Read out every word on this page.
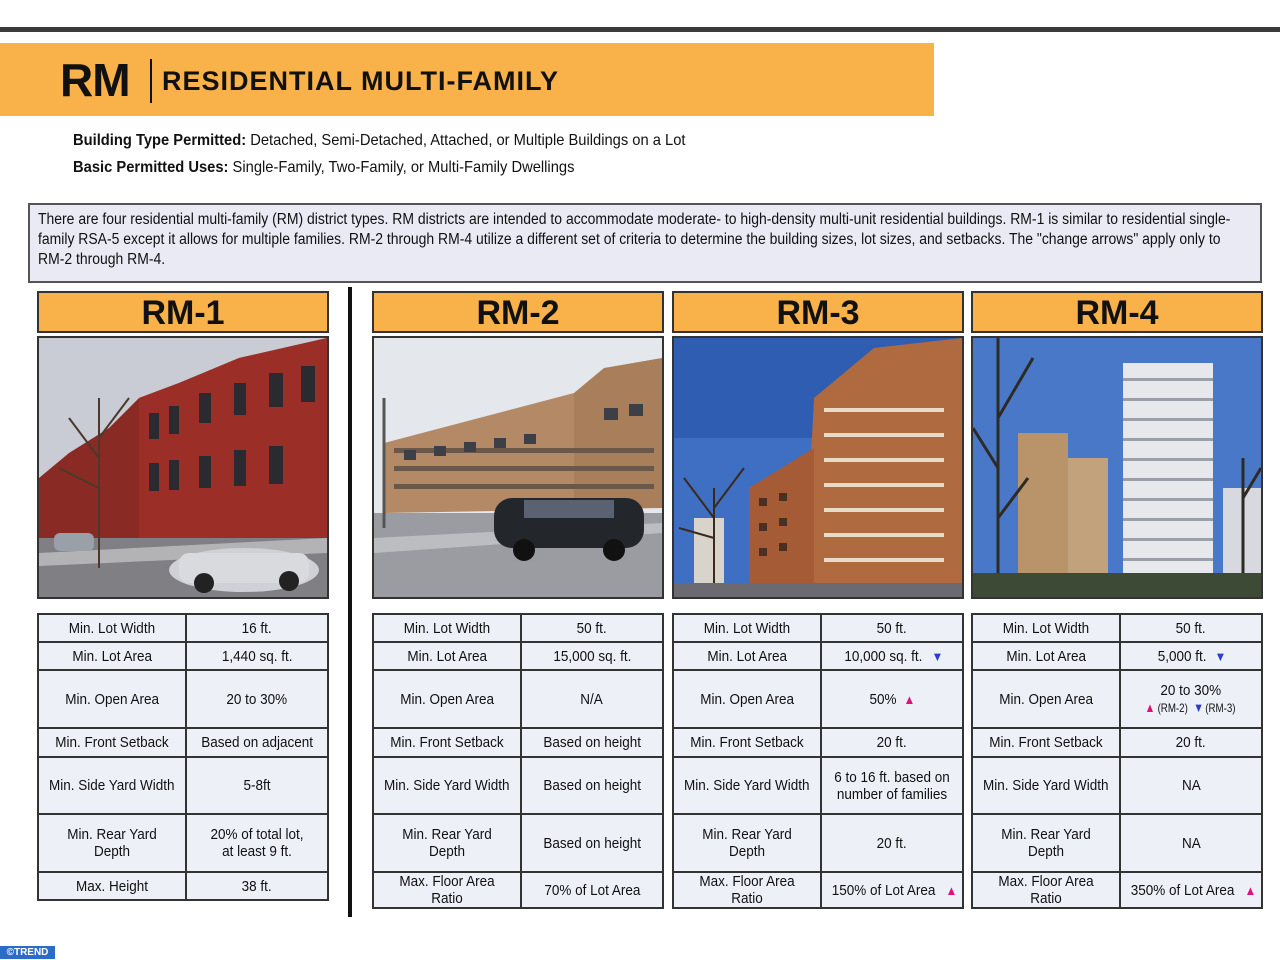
RM RESIDENTIAL MULTI-FAMILY
Building Type Permitted: Detached, Semi-Detached, Attached, or Multiple Buildings on a Lot
Basic Permitted Uses: Single-Family, Two-Family, or Multi-Family Dwellings
There are four residential multi-family (RM) district types. RM districts are intended to accommodate moderate- to high-density multi-unit residential buildings. RM-1 is similar to residential single-family RSA-5 except it allows for multiple families. RM-2 through RM-4 utilize a different set of criteria to determine the building sizes, lot sizes, and setbacks. The "change arrows" apply only to RM-2 through RM-4.
RM-1
Min. Lot Width	16 ft.
Min. Lot Area	1,440 sq. ft.
Min. Open Area	20 to 30%
Min. Front Setback	Based on adjacent
Min. Side Yard Width	5-8ft
Min. Rear Yard Depth	20% of total lot, at least 9 ft.
Max. Height	38 ft.
RM-2
Min. Lot Width	50 ft.
Min. Lot Area	15,000 sq. ft.
Min. Open Area	N/A
Min. Front Setback	Based on height
Min. Side Yard Width	Based on height
Min. Rear Yard Depth	Based on height
Max. Floor Area Ratio	70% of Lot Area
RM-3
Min. Lot Width	50 ft.
Min. Lot Area	10,000 sq. ft. ▼
Min. Open Area	50% ▲
Min. Front Setback	20 ft.
Min. Side Yard Width	6 to 16 ft. based on number of families
Min. Rear Yard Depth	20 ft.
Max. Floor Area Ratio	150% of Lot Area ▲
RM-4
Min. Lot Width	50 ft.
Min. Lot Area	5,000 ft. ▼
Min. Open Area	20 to 30%
▲ (RM-2) ▼ (RM-3)
Min. Front Setback	20 ft.
Min. Side Yard Width	NA
Min. Rear Yard Depth	NA
Max. Floor Area Ratio	350% of Lot Area ▲
©TREND
